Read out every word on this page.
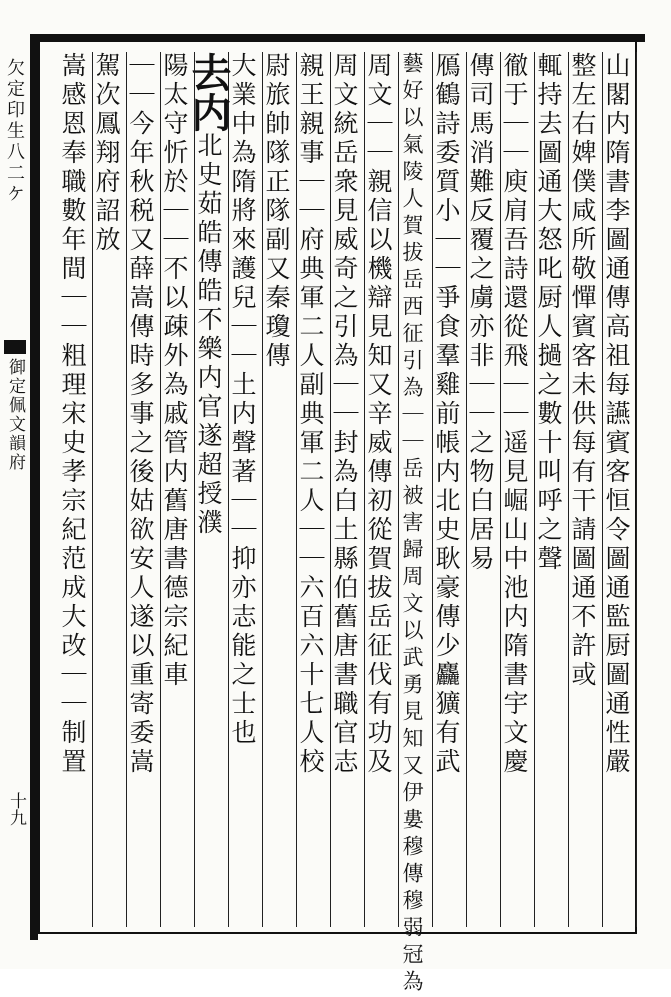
欠定印生八二ケ
御定佩文韻府
十九
山閣内隋書李圖通傳高祖每讌賓客恒令圖通監厨圖通性嚴
整左右婢僕咸所敬憚賓客未供每有干請圖通不許或
輒持去圖通大怒叱厨人撾之數十叫呼之聲
徹于｜｜庾肩吾詩還從飛｜｜遥見崛山中池内隋書宇文慶
傳司馬消難反覆之虜亦非｜｜之物白居易
鴈鶴詩委質小｜｜爭食羣雞前帳内北史耿豪傳少麤獷有武
藝好以氣陵人賀拔岳西征引為｜｜岳被害歸周文以武勇見知又伊婁穆傳穆弱冠為
周文｜｜親信以機辯見知又辛威傳初從賀拔岳征伐有功及
周文統岳衆見威奇之引為｜｜封為白土縣伯舊唐書職官志
親王親事｜｜府典軍二人副典軍二人｜｜六百六十七人校
尉旅帥隊正隊副又秦瓊傳
大業中為隋將來護兒｜｜土内聲著｜｜抑亦志能之士也
去内北史茹皓傳皓不樂内官遂超授濮
陽太守忻於｜｜不以疎外為戚管内舊唐書德宗紀車
｜｜今年秋税又薛嵩傳時多事之後姑欲安人遂以重寄委嵩
駕次鳳翔府詔放
嵩感恩奉職數年間｜｜粗理宋史孝宗紀范成大改｜｜制置
